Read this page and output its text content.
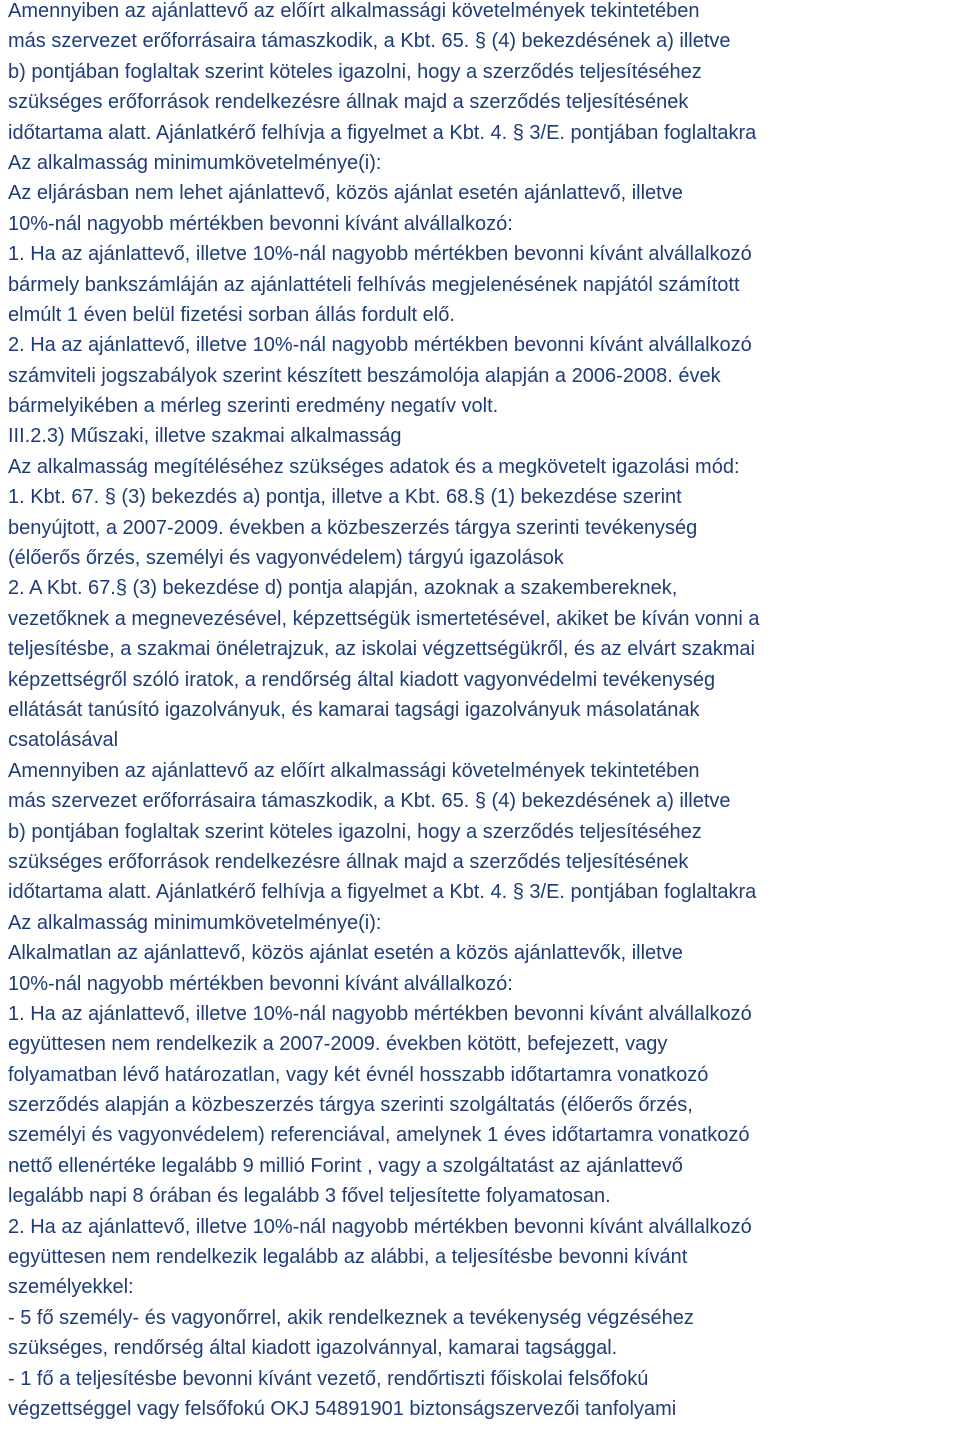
Amennyiben az ajánlattevő az előírt alkalmassági követelmények tekintetében
más szervezet erőforrásaira támaszkodik, a Kbt. 65. § (4) bekezdésének a) illetve
b) pontjában foglaltak szerint köteles igazolni, hogy a szerződés teljesítéséhez
szükséges erőforrások rendelkezésre állnak majd a szerződés teljesítésének
időtartama alatt. Ajánlatkérő felhívja a figyelmet a Kbt. 4. § 3/E. pontjában foglaltakra
Az alkalmasság minimumkövetelménye(i):
Az eljárásban nem lehet ajánlattevő, közös ajánlat esetén ajánlattevő, illetve
10%-nál nagyobb mértékben bevonni kívánt alvállalkozó:
1. Ha az ajánlattevő, illetve 10%-nál nagyobb mértékben bevonni kívánt alvállalkozó
bármely bankszámláján az ajánlattételi felhívás megjelenésének napjától számított
elmúlt 1 éven belül fizetési sorban állás fordult elő.
2. Ha az ajánlattevő, illetve 10%-nál nagyobb mértékben bevonni kívánt alvállalkozó
számviteli jogszabályok szerint készített beszámolója alapján a 2006-2008. évek
bármelyikében a mérleg szerinti eredmény negatív volt.
III.2.3) Műszaki, illetve szakmai alkalmasság
Az alkalmasság megítéléséhez szükséges adatok és a megkövetelt igazolási mód:
1. Kbt. 67. § (3) bekezdés a) pontja, illetve a Kbt. 68.§ (1) bekezdése szerint
benyújtott, a 2007-2009. években a közbeszerzés tárgya szerinti tevékenység
(élőerős őrzés, személyi és vagyonvédelem) tárgyú igazolások
2. A Kbt. 67.§ (3) bekezdése d) pontja alapján, azoknak a szakembereknek,
vezetőknek a megnevezésével, képzettségük ismertetésével, akiket be kíván vonni a
teljesítésbe, a szakmai önéletrajzuk, az iskolai végzettségükről, és az elvárt szakmai
képzettségről szóló iratok, a rendőrség által kiadott vagyonvédelmi tevékenység
ellátását tanúsító igazolványuk, és kamarai tagsági igazolványuk másolatának
csatolásával
Amennyiben az ajánlattevő az előírt alkalmassági követelmények tekintetében
más szervezet erőforrásaira támaszkodik, a Kbt. 65. § (4) bekezdésének a) illetve
b) pontjában foglaltak szerint köteles igazolni, hogy a szerződés teljesítéséhez
szükséges erőforrások rendelkezésre állnak majd a szerződés teljesítésének
időtartama alatt. Ajánlatkérő felhívja a figyelmet a Kbt. 4. § 3/E. pontjában foglaltakra
Az alkalmasság minimumkövetelménye(i):
Alkalmatlan az ajánlattevő, közös ajánlat esetén a közös ajánlattevők, illetve
10%-nál nagyobb mértékben bevonni kívánt alvállalkozó:
1. Ha az ajánlattevő, illetve 10%-nál nagyobb mértékben bevonni kívánt alvállalkozó
együttesen nem rendelkezik a 2007-2009. években kötött, befejezett, vagy
folyamatban lévő határozatlan, vagy két évnél hosszabb időtartamra vonatkozó
szerződés alapján a közbeszerzés tárgya szerinti szolgáltatás (élőerős őrzés,
személyi és vagyonvédelem) referenciával, amelynek 1 éves időtartamra vonatkozó
nettő ellenértéke legalább 9 millió Forint , vagy a szolgáltatást az ajánlattevő
legalább napi 8 órában és legalább 3 fővel teljesítette folyamatosan.
2. Ha az ajánlattevő, illetve 10%-nál nagyobb mértékben bevonni kívánt alvállalkozó
együttesen nem rendelkezik legalább az alábbi, a teljesítésbe bevonni kívánt
személyekkel:
- 5 fő személy- és vagyonőrrel, akik rendelkeznek a tevékenység végzéséhez
szükséges, rendőrség által kiadott igazolvánnyal, kamarai tagsággal.
- 1 fő a teljesítésbe bevonni kívánt vezető, rendőrtiszti főiskolai felsőfokú
végzettséggel vagy felsőfokú OKJ 54891901 biztonságszervezői tanfolyami
